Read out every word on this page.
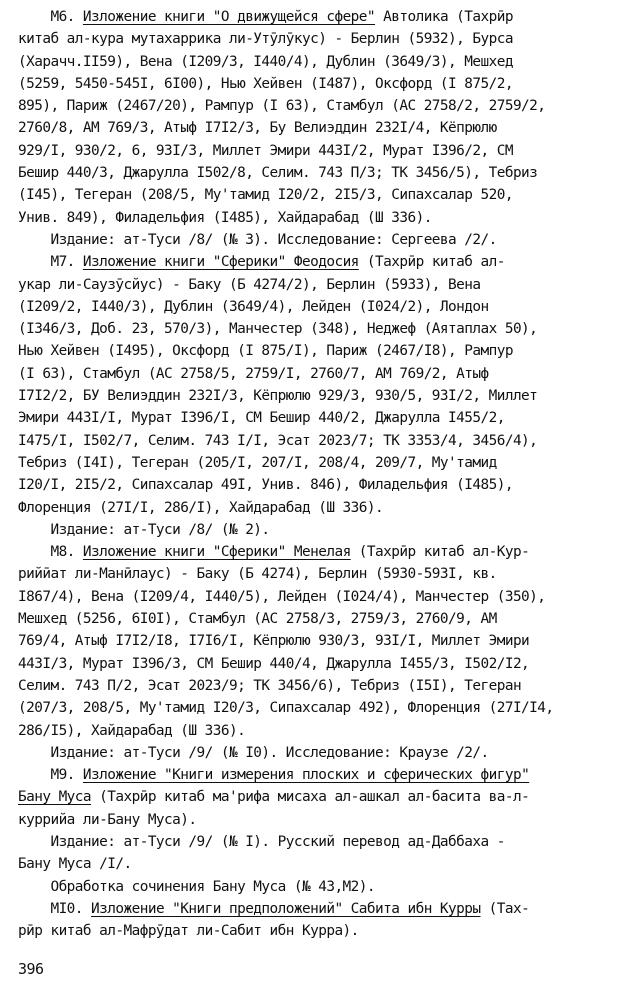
М6. Изложение книги "О движущейся сфере" Автолика (Тахрӣр
китаб ал-кура мутахаррика ли-Утӯлӯкус) - Берлин (5932), Бурса
(Харачч.II59), Вена (I209/3, I440/4), Дублин (3649/3), Мешхед
(5259, 5450-545I, 6I00), Нью Хейвен (I487), Оксфорд (I 875/2,
895), Париж (2467/20), Рампур (I 63), Стамбул (АС 2758/2, 2759/2,
2760/8, АМ 769/3, Атыф I7I2/3, Бу Велиэддин 232I/4, Кёпрюлю
929/I, 930/2, 6, 93I/3, Миллет Эмири 443I/2, Мурат I396/2, СМ
Бешир 440/3, Джарулла I502/8, Селим. 743 П/3; ТК 3456/5), Тебриз
(I45), Тегеран (208/5, Му'тамид I20/2, 2I5/3, Сипахсалар 520,
Унив. 849), Филадельфия (I485), Хайдарабад (Ш 336).
Издание: ат-Туси /8/ (№ 3). Исследование: Сергеева /2/.
М7. Изложение книги "Сферики" Феодосия (Тахрӣр китаб ал-
укар ли-Саузӯсйус) - Баку (Б 4274/2), Берлин (5933), Вена
(I209/2, I440/3), Дублин (3649/4), Лейден (I024/2), Лондон
(I346/3, Доб. 23, 570/3), Манчестер (348), Неджеф (Аятаплах 50),
Нью Хейвен (I495), Оксфорд (I 875/I), Париж (2467/I8), Рампур
(I 63), Стамбул (АС 2758/5, 2759/I, 2760/7, АМ 769/2, Атыф
I7I2/2, БУ Велиэддин 232I/3, Кёпрюлю 929/3, 930/5, 93I/2, Миллет
Эмири 443I/I, Мурат I396/I, СМ Бешир 440/2, Джарулла I455/2,
I475/I, I502/7, Селим. 743 I/I, Эсат 2023/7; ТК 3353/4, 3456/4),
Тебриз (I4I), Тегеран (205/I, 207/I, 208/4, 209/7, Му'тамид
I20/I, 2I5/2, Сипахсалар 49I, Унив. 846), Филадельфия (I485),
Флоренция (27I/I, 286/I), Хайдарабад (Ш 336).
Издание: ат-Туси /8/ (№ 2).
М8. Изложение книги "Сферики" Менелая (Тахрӣр китаб ал-Кур-
рийӣат ли-Манӣлаус) - Баку (Б 4274), Берлин (5930-593I, кв.
I867/4), Вена (I209/4, I440/5), Лейден (I024/4), Манчестер (350),
Мешхед (5256, 6I0I), Стамбул (АС 2758/3, 2759/3, 2760/9, АМ
769/4, Атыф I7I2/I8, I7I6/I, Кёпрюлю 930/3, 93I/I, Миллет Эмири
443I/3, Мурат I396/3, СМ Бешир 440/4, Джарулла I455/3, I502/I2,
Селим. 743 П/2, Эсат 2023/9; ТК 3456/6), Тебриз (I5I), Тегеран
(207/3, 208/5, Му'тамид I20/3, Сипахсалар 492), Флоренция (27I/I4,
286/I5), Хайдарабад (Ш 336).
Издание: ат-Туси /9/ (№ I0). Исследование: Краузе /2/.
М9. Изложение "Книги измерения плоских и сферических фигур"
Бану Муса (Тахрӣр китаб ма'рифа мисаха ал-ашкал ал-басита ва-л-
куррийа ли-Бану Муса).
Издание: ат-Туси /9/ (№ I). Русский перевод ад-Даббаха -
Бану Муса /I/.
Обработка сочинения Бану Муса (№ 43,М2).
МI0. Изложение "Книги предположений" Сабита ибн Курры (Тах-
рӣр китаб ал-Мафрӯдат ли-Сабит ибн Курра).
396
